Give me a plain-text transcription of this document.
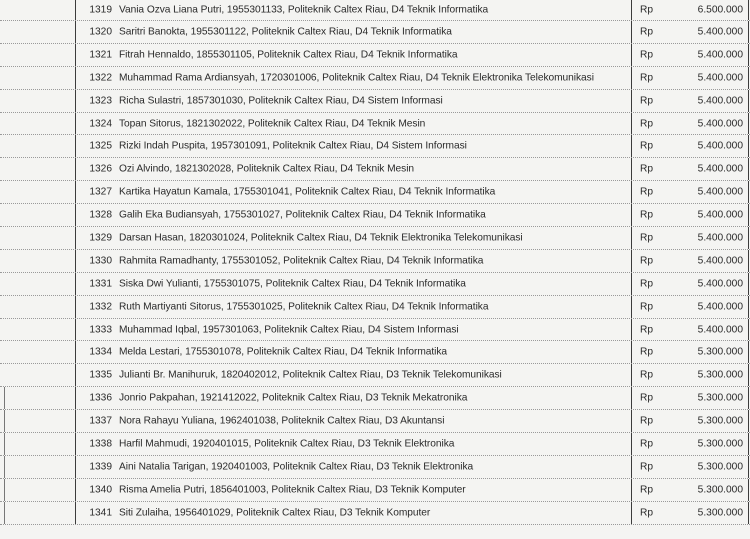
1319 Vania Ozva Liana Putri, 1955301133, Politeknik Caltex Riau, D4 Teknik Informatika	Rp	6.500.000
1320 Saritri Banokta, 1955301122, Politeknik Caltex Riau, D4 Teknik Informatika	Rp	5.400.000
1321 Fitrah Hennaldo, 1855301105, Politeknik Caltex Riau, D4 Teknik Informatika	Rp	5.400.000
1322 Muhammad Rama Ardiansyah, 1720301006, Politeknik Caltex Riau, D4 Teknik Elektronika Telekomunikasi	Rp	5.400.000
1323 Richa Sulastri, 1857301030, Politeknik Caltex Riau, D4 Sistem Informasi	Rp	5.400.000
1324 Topan Sitorus, 1821302022, Politeknik Caltex Riau, D4 Teknik Mesin	Rp	5.400.000
1325 Rizki Indah Puspita, 1957301091, Politeknik Caltex Riau, D4 Sistem Informasi	Rp	5.400.000
1326 Ozi Alvindo, 1821302028, Politeknik Caltex Riau, D4 Teknik Mesin	Rp	5.400.000
1327 Kartika Hayatun Kamala, 1755301041, Politeknik Caltex Riau, D4 Teknik Informatika	Rp	5.400.000
1328 Galih Eka Budiansyah, 1755301027, Politeknik Caltex Riau, D4 Teknik Informatika	Rp	5.400.000
1329 Darsan Hasan, 1820301024, Politeknik Caltex Riau, D4 Teknik Elektronika Telekomunikasi	Rp	5.400.000
1330 Rahmita Ramadhanty, 1755301052, Politeknik Caltex Riau, D4 Teknik Informatika	Rp	5.400.000
1331 Siska Dwi Yulianti, 1755301075, Politeknik Caltex Riau, D4 Teknik Informatika	Rp	5.400.000
1332 Ruth Martiyanti Sitorus, 1755301025, Politeknik Caltex Riau, D4 Teknik Informatika	Rp	5.400.000
1333 Muhammad Iqbal, 1957301063, Politeknik Caltex Riau, D4 Sistem Informasi	Rp	5.400.000
1334 Melda Lestari, 1755301078, Politeknik Caltex Riau, D4 Teknik Informatika	Rp	5.300.000
1335 Julianti Br. Manihuruk, 1820402012, Politeknik Caltex Riau, D3 Teknik Telekomunikasi	Rp	5.300.000
1336 Jonrio Pakpahan, 1921412022, Politeknik Caltex Riau, D3 Teknik Mekatronika	Rp	5.300.000
1337 Nora Rahayu Yuliana, 1962401038, Politeknik Caltex Riau, D3 Akuntansi	Rp	5.300.000
1338 Harfil Mahmudi, 1920401015, Politeknik Caltex Riau, D3 Teknik Elektronika	Rp	5.300.000
1339 Aini Natalia Tarigan, 1920401003, Politeknik Caltex Riau, D3 Teknik Elektronika	Rp	5.300.000
1340 Risma Amelia Putri, 1856401003, Politeknik Caltex Riau, D3 Teknik Komputer	Rp	5.300.000
1341 Siti Zulaiha, 1956401029, Politeknik Caltex Riau, D3 Teknik Komputer	Rp	5.300.000
